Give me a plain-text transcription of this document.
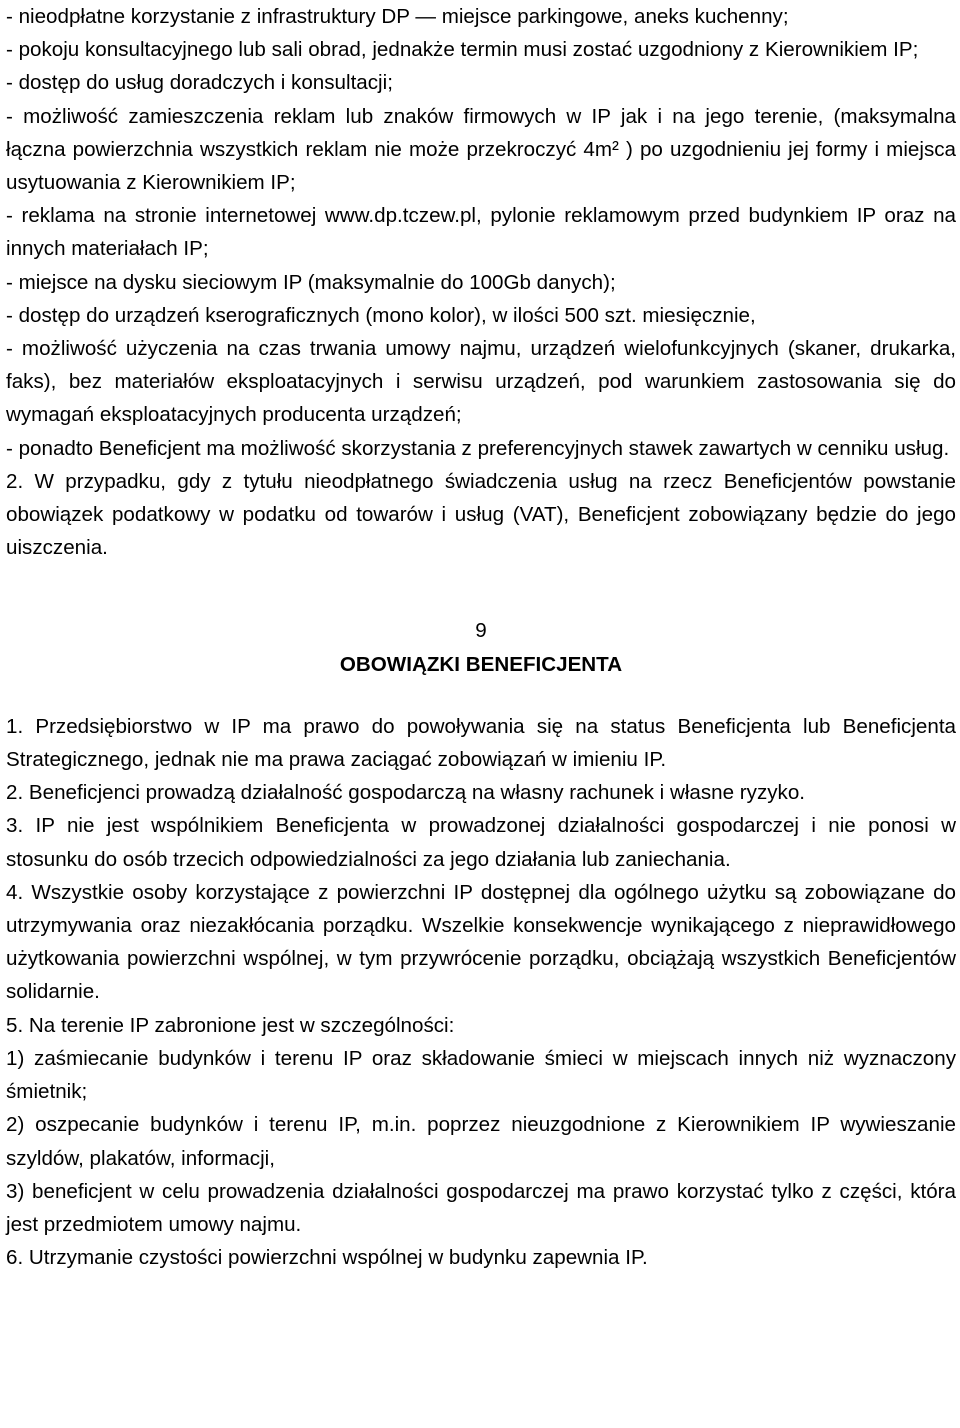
- nieodpłatne korzystanie z infrastruktury DP — miejsce parkingowe, aneks kuchenny;

- pokoju konsultacyjnego lub sali obrad, jednakże termin musi zostać uzgodniony z Kierownikiem IP;

- dostęp do usług doradczych i konsultacji;

- możliwość zamieszczenia reklam lub znaków firmowych w IP jak i na jego terenie, (maksymalna łączna powierzchnia wszystkich reklam nie może przekroczyć 4m² ) po uzgodnieniu jej formy i miejsca usytuowania z Kierownikiem IP;

- reklama na stronie internetowej www.dp.tczew.pl, pylonie reklamowym przed budynkiem IP oraz na innych materiałach IP;

- miejsce na dysku sieciowym IP (maksymalnie do 100Gb danych);

- dostęp do urządzeń kserograficznych (mono kolor), w ilości 500 szt. miesięcznie,

- możliwość użyczenia na czas trwania umowy najmu, urządzeń wielofunkcyjnych (skaner, drukarka, faks), bez materiałów eksploatacyjnych i serwisu urządzeń, pod warunkiem zastosowania się do wymagań eksploatacyjnych producenta urządzeń;

- ponadto Beneficjent ma możliwość skorzystania z preferencyjnych stawek zawartych w cenniku usług.

2. W przypadku, gdy z tytułu nieodpłatnego świadczenia usług na rzecz Beneficjentów powstanie obowiązek podatkowy w podatku od towarów i usług (VAT), Beneficjent zobowiązany będzie do jego uiszczenia.

9

OBOWIĄZKI BENEFICJENTA

1. Przedsiębiorstwo w IP ma prawo do powoływania się na status Beneficjenta lub Beneficjenta Strategicznego, jednak nie ma prawa zaciągać zobowiązań w imieniu IP.

2. Beneficjenci prowadzą działalność gospodarczą na własny rachunek i własne ryzyko.

3. IP nie jest wspólnikiem Beneficjenta w prowadzonej działalności gospodarczej i nie ponosi w stosunku do osób trzecich odpowiedzialności za jego działania lub zaniechania.

4. Wszystkie osoby korzystające z powierzchni IP dostępnej dla ogólnego użytku są zobowiązane do utrzymywania oraz niezakłócania porządku. Wszelkie konsekwencje wynikającego z nieprawidłowego użytkowania powierzchni wspólnej, w tym przywrócenie porządku, obciążają wszystkich Beneficjentów solidarnie.

5. Na terenie IP zabronione jest w szczególności:

1) zaśmiecanie budynków i terenu IP oraz składowanie śmieci w miejscach innych niż wyznaczony śmietnik;

2) oszpecanie budynków i terenu IP, m.in. poprzez nieuzgodnione z Kierownikiem IP wywieszanie szyldów, plakatów, informacji,

3) beneficjent w celu prowadzenia działalności gospodarczej ma prawo korzystać tylko z części, która jest przedmiotem umowy najmu.

6. Utrzymanie czystości powierzchni wspólnej w budynku zapewnia IP.
